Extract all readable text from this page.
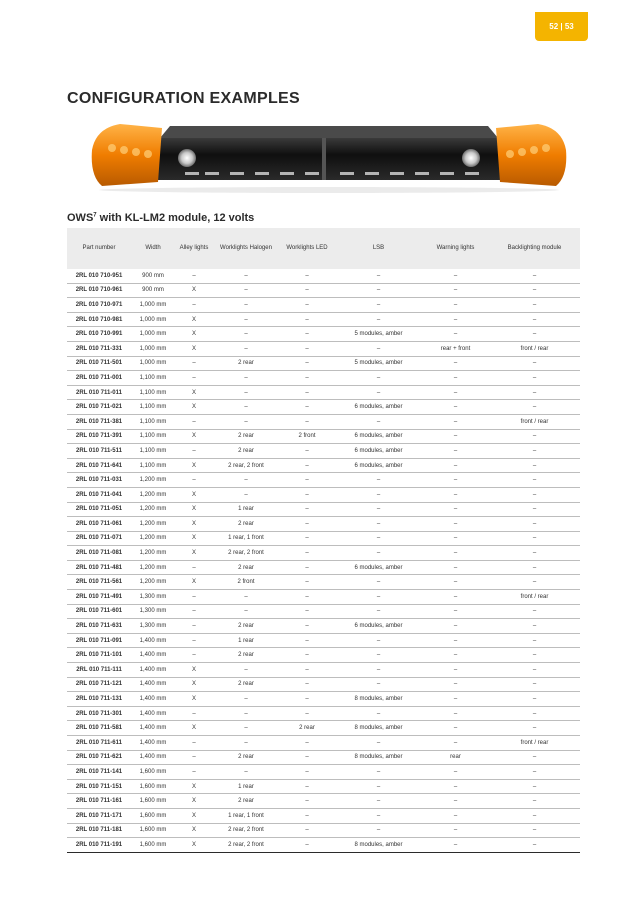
52 | 53
CONFIGURATION EXAMPLES
OWS$^7$ with KL-LM2 module, 12 volts
Part number	Width	Alley lights	Worklights Halogen	Worklights LED	LSB	Warning lights	Backlighting module
2RL 010 710-951	900 mm	–	–	–	–	–	–
2RL 010 710-961	900 mm	X	–	–	–	–	–
2RL 010 710-971	1,000 mm	–	–	–	–	–	–
2RL 010 710-981	1,000 mm	X	–	–	–	–	–
2RL 010 710-991	1,000 mm	X	–	–	5 modules, amber	–	–
2RL 010 711-331	1,000 mm	X	–	–	–	rear + front	front / rear
2RL 010 711-501	1,000 mm	–	2 rear	–	5 modules, amber	–	–
2RL 010 711-001	1,100 mm	–	–	–	–	–	–
2RL 010 711-011	1,100 mm	X	–	–	–	–	–
2RL 010 711-021	1,100 mm	X	–	–	6 modules, amber	–	–
2RL 010 711-381	1,100 mm	–	–	–	–	–	front / rear
2RL 010 711-391	1,100 mm	X	2 rear	2 front	6 modules, amber	–	–
2RL 010 711-511	1,100 mm	–	2 rear	–	6 modules, amber	–	–
2RL 010 711-641	1,100 mm	X	2 rear, 2 front	–	6 modules, amber	–	–
2RL 010 711-031	1,200 mm	–	–	–	–	–	–
2RL 010 711-041	1,200 mm	X	–	–	–	–	–
2RL 010 711-051	1,200 mm	X	1 rear	–	–	–	–
2RL 010 711-061	1,200 mm	X	2 rear	–	–	–	–
2RL 010 711-071	1,200 mm	X	1 rear, 1 front	–	–	–	–
2RL 010 711-081	1,200 mm	X	2 rear, 2 front	–	–	–	–
2RL 010 711-481	1,200 mm	–	2 rear	–	6 modules, amber	–	–
2RL 010 711-561	1,200 mm	X	2 front	–	–	–	–
2RL 010 711-491	1,300 mm	–	–	–	–	–	front / rear
2RL 010 711-601	1,300 mm	–	–	–	–	–	–
2RL 010 711-631	1,300 mm	–	2 rear	–	6 modules, amber	–	–
2RL 010 711-091	1,400 mm	–	1 rear	–	–	–	–
2RL 010 711-101	1,400 mm	–	2 rear	–	–	–	–
2RL 010 711-111	1,400 mm	X	–	–	–	–	–
2RL 010 711-121	1,400 mm	X	2 rear	–	–	–	–
2RL 010 711-131	1,400 mm	X	–	–	8 modules, amber	–	–
2RL 010 711-301	1,400 mm	–	–	–	–	–	–
2RL 010 711-581	1,400 mm	X	–	2 rear	8 modules, amber	–	–
2RL 010 711-611	1,400 mm	–	–	–	–	–	front / rear
2RL 010 711-621	1,400 mm	–	2 rear	–	8 modules, amber	rear	–
2RL 010 711-141	1,600 mm	–	–	–	–	–	–
2RL 010 711-151	1,600 mm	X	1 rear	–	–	–	–
2RL 010 711-161	1,600 mm	X	2 rear	–	–	–	–
2RL 010 711-171	1,600 mm	X	1 rear, 1 front	–	–	–	–
2RL 010 711-181	1,600 mm	X	2 rear, 2 front	–	–	–	–
2RL 010 711-191	1,600 mm	X	2 rear, 2 front	–	8 modules, amber	–	–
